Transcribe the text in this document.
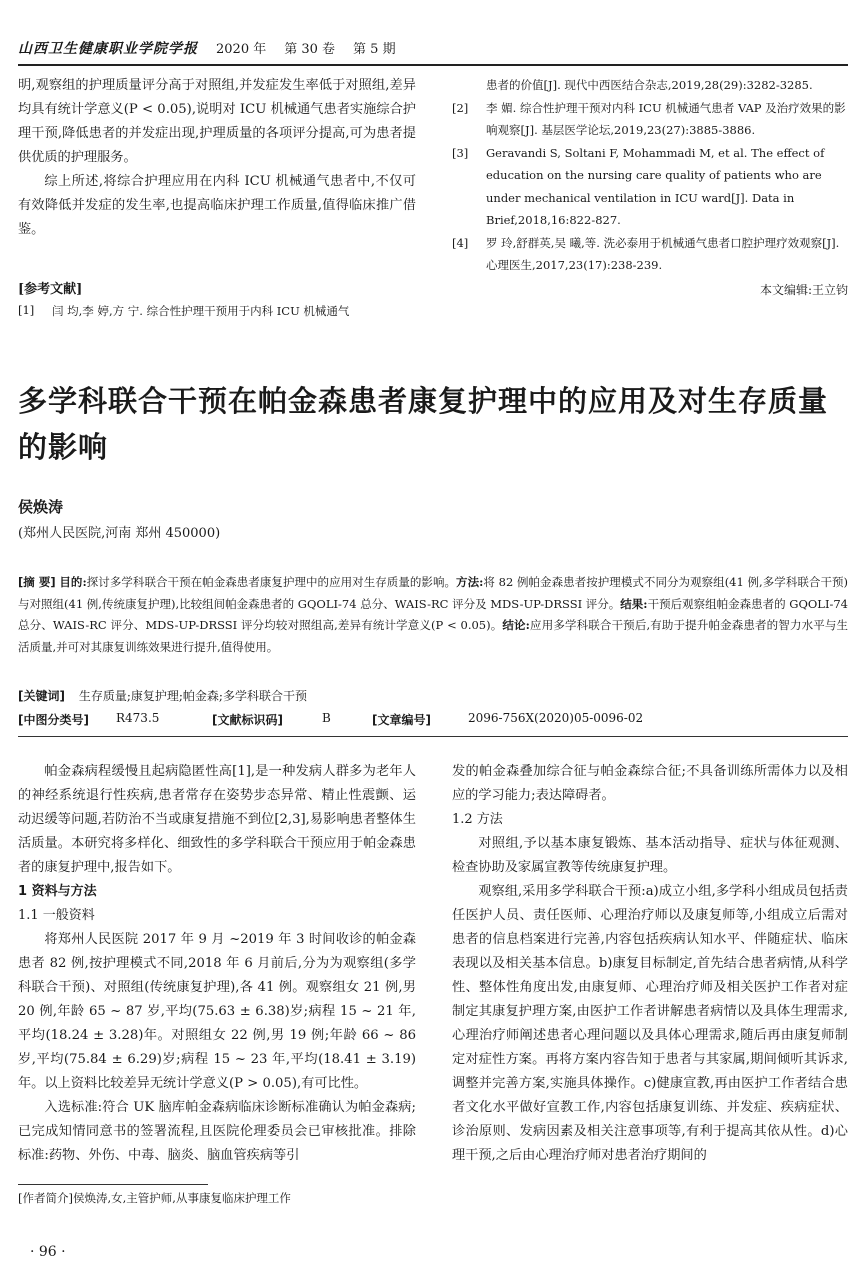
山西卫生健康职业学院学报 2020 年 第 30 卷 第 5 期

明,观察组的护理质量评分高于对照组,并发症发生率低于对照组,差异均具有统计学意义(P < 0.05),说明对 ICU 机械通气患者实施综合护理干预,降低患者的并发症出现,护理质量的各项评分提高,可为患者提供优质的护理服务。

综上所述,将综合护理应用在内科 ICU 机械通气患者中,不仅可有效降低并发症的发生率,也提高临床护理工作质量,值得临床推广借鉴。

[参考文献]
[1]	闫 均,李 婷,方 宁. 综合性护理干预用于内科 ICU 机械通气
患者的价值[J]. 现代中西医结合杂志,2019,28(29):3282-3285.
[2]	李 媚. 综合性护理干预对内科 ICU 机械通气患者 VAP 及治疗效果的影响观察[J]. 基层医学论坛,2019,23(27):3885-3886.
[3]	Geravandi S, Soltani F, Mohammadi M, et al. The effect of education on the nursing care quality of patients who are under mechanical ventilation in ICU ward[J]. Data in Brief,2018,16:822-827.
[4]	罗 玲,舒群英,吴 曦,等. 洗必泰用于机械通气患者口腔护理疗效观察[J]. 心理医生,2017,23(17):238-239.
本文编辑:王立钧
多学科联合干预在帕金森患者康复护理中的应用及对生存质量的影响
侯焕涛
(郑州人民医院,河南 郑州 450000)
[摘 要] 目的:探讨多学科联合干预在帕金森患者康复护理中的应用对生存质量的影响。方法:将 82 例帕金森患者按护理模式不同分为观察组(41 例,多学科联合干预)与对照组(41 例,传统康复护理),比较组间帕金森患者的 GQOLI-74 总分、WAIS-RC 评分及 MDS-UP-DRSSI 评分。结果:干预后观察组帕金森患者的 GQOLI-74 总分、WAIS-RC 评分、MDS-UP-DRSSI 评分均较对照组高,差异有统计学意义(P < 0.05)。结论:应用多学科联合干预后,有助于提升帕金森患者的智力水平与生活质量,并可对其康复训练效果进行提升,值得使用。
[关键词] 生存质量;康复护理;帕金森;多学科联合干预
[中图分类号]	R473.5	[文献标识码]	B	[文章编号]	2096-756X(2020)05-0096-02

帕金森病程缓慢且起病隐匿性高[1],是一种发病人群多为老年人的神经系统退行性疾病,患者常存在姿势步态异常、精止性震颤、运动迟缓等问题,若防治不当或康复措施不到位[2,3],易影响患者整体生活质量。本研究将多样化、细致性的多学科联合干预应用于帕金森患者的康复护理中,报告如下。

1 资料与方法

1.1 一般资料

将郑州人民医院 2017 年 9 月 ~2019 年 3 时间收诊的帕金森患者 82 例,按护理模式不同,2018 年 6 月前后,分为为观察组(多学科联合干预)、对照组(传统康复护理),各 41 例。观察组女 21 例,男 20 例,年龄 65 ~ 87 岁,平均(75.63 ± 6.38)岁;病程 15 ~ 21 年,平均(18.24 ± 3.28)年。对照组女 22 例,男 19 例;年龄 66 ~ 86 岁,平均(75.84 ± 6.29)岁;病程 15 ~ 23 年,平均(18.41 ± 3.19)年。以上资料比较差异无统计学意义(P > 0.05),有可比性。

入选标准:符合 UK 脑库帕金森病临床诊断标准确认为帕金森病;已完成知情同意书的签署流程,且医院伦理委员会已审核批准。排除标准:药物、外伤、中毒、脑炎、脑血管疾病等引

发的帕金森叠加综合征与帕金森综合征;不具备训练所需体力以及相应的学习能力;表达障碍者。

1.2 方法

对照组,予以基本康复锻炼、基本活动指导、症状与体征观测、检查协助及家属宣教等传统康复护理。

观察组,采用多学科联合干预:a)成立小组,多学科小组成员包括责任医护人员、责任医师、心理治疗师以及康复师等,小组成立后需对患者的信息档案进行完善,内容包括疾病认知水平、伴随症状、临床表现以及相关基本信息。b)康复目标制定,首先结合患者病情,从科学性、整体性角度出发,由康复师、心理治疗师及相关医护工作者对症制定其康复护理方案,由医护工作者讲解患者病情以及具体生理需求,心理治疗师阐述患者心理问题以及具体心理需求,随后再由康复师制定对症性方案。再将方案内容告知于患者与其家属,期间倾听其诉求,调整并完善方案,实施具体操作。c)健康宣教,再由医护工作者结合患者文化水平做好宣教工作,内容包括康复训练、并发症、疾病症状、诊治原则、发病因素及相关注意事项等,有利于提高其依从性。d)心理干预,之后由心理治疗师对患者治疗期间的

[作者简介]侯焕涛,女,主管护师,从事康复临床护理工作
· 96 ·
